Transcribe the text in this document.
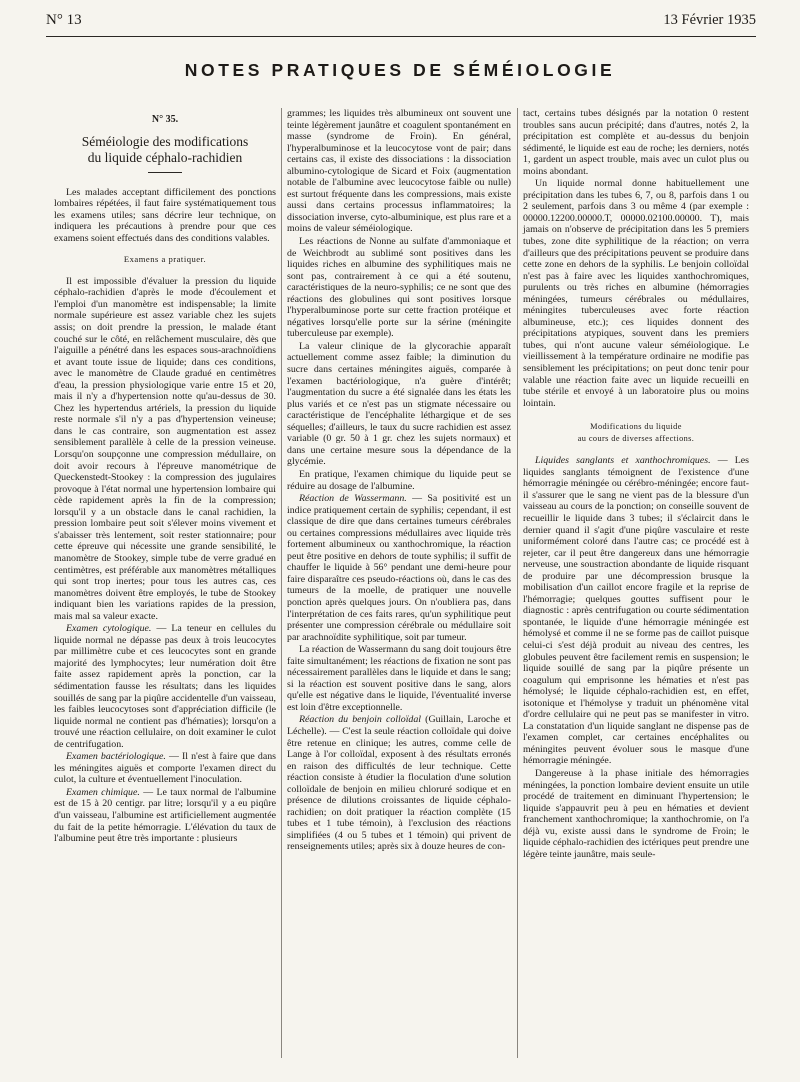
N° 13	13 Février 1935
NOTES PRATIQUES DE SÉMÉIOLOGIE
N° 35.
Séméiologie des modifications
du liquide céphalo-rachidien

Les malades acceptant difficilement des ponctions lombaires répétées, il faut faire systématiquement tous les examens utiles; sans décrire leur technique, on indiquera les précautions à prendre pour que ces examens soient effectués dans des conditions valables.

Examens a pratiquer.

Il est impossible d'évaluer la pression du liquide céphalo-rachidien d'après le mode d'écoulement et l'emploi d'un manomètre est indispensable; la limite normale supérieure est assez variable chez les sujets assis; on doit prendre la pression, le malade étant couché sur le côté, en relâchement musculaire, dès que l'aiguille a pénétré dans les espaces sous-arachnoïdiens et avant toute issue de liquide; dans ces conditions, avec le manomètre de Claude gradué en centimètres d'eau, la pression physiologique varie entre 15 et 20, mais il n'y a d'hypertension notte qu'au-dessus de 30. Chez les hypertendus artériels, la pression du liquide reste normale s'il n'y a pas d'hypertension veineuse; dans le cas contraire, son augmentation est assez sensiblement parallèle à celle de la pression veineuse. Lorsqu'on soupçonne une compression médullaire, on doit avoir recours à l'épreuve manométrique de Queckenstedt-Stookey : la compression des jugulaires provoque à l'état normal une hypertension lombaire qui cède rapidement après la fin de la compression; lorsqu'il y a un obstacle dans le canal rachidien, la pression lombaire peut soit s'élever moins vivement et s'abaisser très lentement, soit rester stationnaire; pour cette épreuve qui nécessite une grande sensibilité, le manomètre de Stookey, simple tube de verre gradué en centimètres, est préférable aux manomètres métalliques qui sont trop inertes; pour tous les autres cas, ces manomètres doivent être employés, le tube de Stookey indiquant bien les variations rapides de la pression, mais mal sa valeur exacte.

Examen cytologique. — La teneur en cellules du liquide normal ne dépasse pas deux à trois leucocytes par millimètre cube et ces leucocytes sont en grande majorité des lymphocytes; leur numération doit être faite assez rapidement après la ponction, car la sédimentation fausse les résultats; dans les liquides souillés de sang par la piqûre accidentelle d'un vaisseau, les faibles leucocytoses sont d'appréciation difficile (le liquide normal ne contient pas d'hématies); lorsqu'on a trouvé une réaction cellulaire, on doit examiner le culot de centrifugation.

Examen bactériologique. — Il n'est à faire que dans les méningites aiguës et comporte l'examen direct du culot, la culture et éventuellement l'inoculation.

Examen chimique. — Le taux normal de l'albumine est de 15 à 20 centigr. par litre; lorsqu'il y a eu piqûre d'un vaisseau, l'albumine est artificiellement augmentée du fait de la petite hémorragie. L'élévation du taux de l'albumine peut être très importante : plusieurs

grammes; les liquides très albumineux ont souvent une teinte légèrement jaunâtre et coagulent spontanément en masse (syndrome de Froin). En général, l'hyperalbuminose et la leucocytose vont de pair; dans certains cas, il existe des dissociations : la dissociation albumino-cytologique de Sicard et Foix (augmentation notable de l'albumine avec leucocytose faible ou nulle) est surtout fréquente dans les compressions, mais existe aussi dans certains processus inflammatoires; la dissociation inverse, cyto-albuminique, est plus rare et a moins de valeur séméiologique.

Les réactions de Nonne au sulfate d'ammoniaque et de Weichbrodt au sublimé sont positives dans les liquides riches en albumine des syphilitiques mais ne sont pas, contrairement à ce qui a été soutenu, caractéristiques de la neuro-syphilis; ce ne sont que des réactions des globulines qui sont positives lorsque l'hyperalbuminose porte sur cette fraction protéique et négatives lorsqu'elle porte sur la sérine (méningite tuberculeuse par exemple).

La valeur clinique de la glycorachie apparaît actuellement comme assez faible; la diminution du sucre dans certaines méningites aiguës, comparée à l'examen bactériologique, n'a guère d'intérêt; l'augmentation du sucre a été signalée dans les états les plus variés et ce n'est pas un stigmate nécessaire ou caractéristique de l'encéphalite léthargique et de ses séquelles; d'ailleurs, le taux du sucre rachidien est assez variable (0 gr. 50 à 1 gr. chez les sujets normaux) et dans une certaine mesure sous la dépendance de la glycémie.

En pratique, l'examen chimique du liquide peut se réduire au dosage de l'albumine.

Réaction de Wassermann. — Sa positivité est un indice pratiquement certain de syphilis; cependant, il est classique de dire que dans certaines tumeurs cérébrales ou certaines compressions médullaires avec liquide très fortement albumineux ou xanthochromique, la réaction peut être positive en dehors de toute syphilis; il suffit de chauffer le liquide à 56° pendant une demi-heure pour faire disparaître ces pseudo-réactions où, dans le cas des tumeurs de la moelle, de pratiquer une nouvelle ponction après quelques jours. On n'oubliera pas, dans l'interprétation de ces faits rares, qu'un syphilitique peut présenter une compression cérébrale ou médullaire soit par arachnoïdite syphilitique, soit par tumeur.

La réaction de Wassermann du sang doit toujours être faite simultanément; les réactions de fixation ne sont pas nécessairement parallèles dans le liquide et dans le sang; si la réaction est souvent positive dans le sang, alors qu'elle est négative dans le liquide, l'éventualité inverse est loin d'être exceptionnelle.

Réaction du benjoin colloïdal (Guillain, Laroche et Léchelle). — C'est la seule réaction colloïdale qui doive être retenue en clinique; les autres, comme celle de Lange à l'or colloïdal, exposent à des résultats erronés en raison des difficultés de leur technique. Cette réaction consiste à étudier la floculation d'une solution colloïdale de benjoin en milieu chloruré sodique et en présence de dilutions croissantes de liquide céphalo-rachidien; on doit pratiquer la réaction complète (15 tubes et 1 tube témoin), à l'exclusion des réactions simplifiées (4 ou 5 tubes et 1 témoin) qui privent de renseignements utiles; après six à douze heures de con-

tact, certains tubes désignés par la notation 0 restent troubles sans aucun précipité; dans d'autres, notés 2, la précipitation est complète et au-dessus du benjoin sédimenté, le liquide est eau de roche; les derniers, notés 1, gardent un aspect trouble, mais avec un culot plus ou moins abondant.

Un liquide normal donne habituellement une précipitation dans les tubes 6, 7, ou 8, parfois dans 1 ou 2 seulement, parfois dans 3 ou même 4 (par exemple : 00000.12200.00000.T, 00000.02100.00000. T), mais jamais on n'observe de précipitation dans les 5 premiers tubes, zone dite syphilitique de la réaction; on verra d'ailleurs que des précipitations peuvent se produire dans cette zone en dehors de la syphilis. Le benjoin colloïdal n'est pas à faire avec les liquides xanthochromiques, purulents ou très riches en albumine (hémorragies méningées, tumeurs cérébrales ou médullaires, méningites tuberculeuses avec forte réaction albumineuse, etc.); ces liquides donnent des précipitations atypiques, souvent dans les premiers tubes, qui n'ont aucune valeur séméiologique. Le vieillissement à la température ordinaire ne modifie pas sensiblement les précipitations; on peut donc tenir pour valable une réaction faite avec un liquide recueilli en tube stérile et envoyé à un laboratoire plus ou moins lointain.

Modifications du liquide
au cours de diverses affections.

Liquides sanglants et xanthochromiques. — Les liquides sanglants témoignent de l'existence d'une hémorragie méningée ou cérébro-méningée; encore faut-il s'assurer que le sang ne vient pas de la blessure d'un vaisseau au cours de la ponction; on conseille souvent de recueillir le liquide dans 3 tubes; il s'éclaircit dans le dernier quand il s'agit d'une piqûre vasculaire et reste uniformément coloré dans l'autre cas; ce procédé est à rejeter, car il peut être dangereux dans une hémorragie nerveuse, une soustraction abondante de liquide risquant de produire par une décompression brusque la mobilisation d'un caillot encore fragile et la reprise de l'hémorragie; quelques gouttes suffisent pour le diagnostic : après centrifugation ou courte sédimentation spontanée, le liquide d'une hémorragie méningée est hémolysé et comme il ne se forme pas de caillot puisque celui-ci s'est déjà produit au niveau des centres, les globules peuvent être facilement remis en suspension; le liquide souillé de sang par la piqûre présente un coagulum qui emprisonne les hématies et n'est pas hémolysé; le liquide céphalo-rachidien est, en effet, isotonique et l'hémolyse y traduit un phénomène vital d'ordre cellulaire qui ne peut pas se manifester in vitro. La constatation d'un liquide sanglant ne dispense pas de l'examen complet, car certaines encéphalites ou méningites peuvent évoluer sous le masque d'une hémorragie méningée.

Dangereuse à la phase initiale des hémorragies méningées, la ponction lombaire devient ensuite un utile procédé de traitement en diminuant l'hypertension; le liquide s'appauvrit peu à peu en hématies et devient franchement xanthochromique; la xanthochromie, on l'a déjà vu, existe aussi dans le syndrome de Froin; le liquide céphalo-rachidien des ictériques peut prendre une légère teinte jaunâtre, mais seule-
